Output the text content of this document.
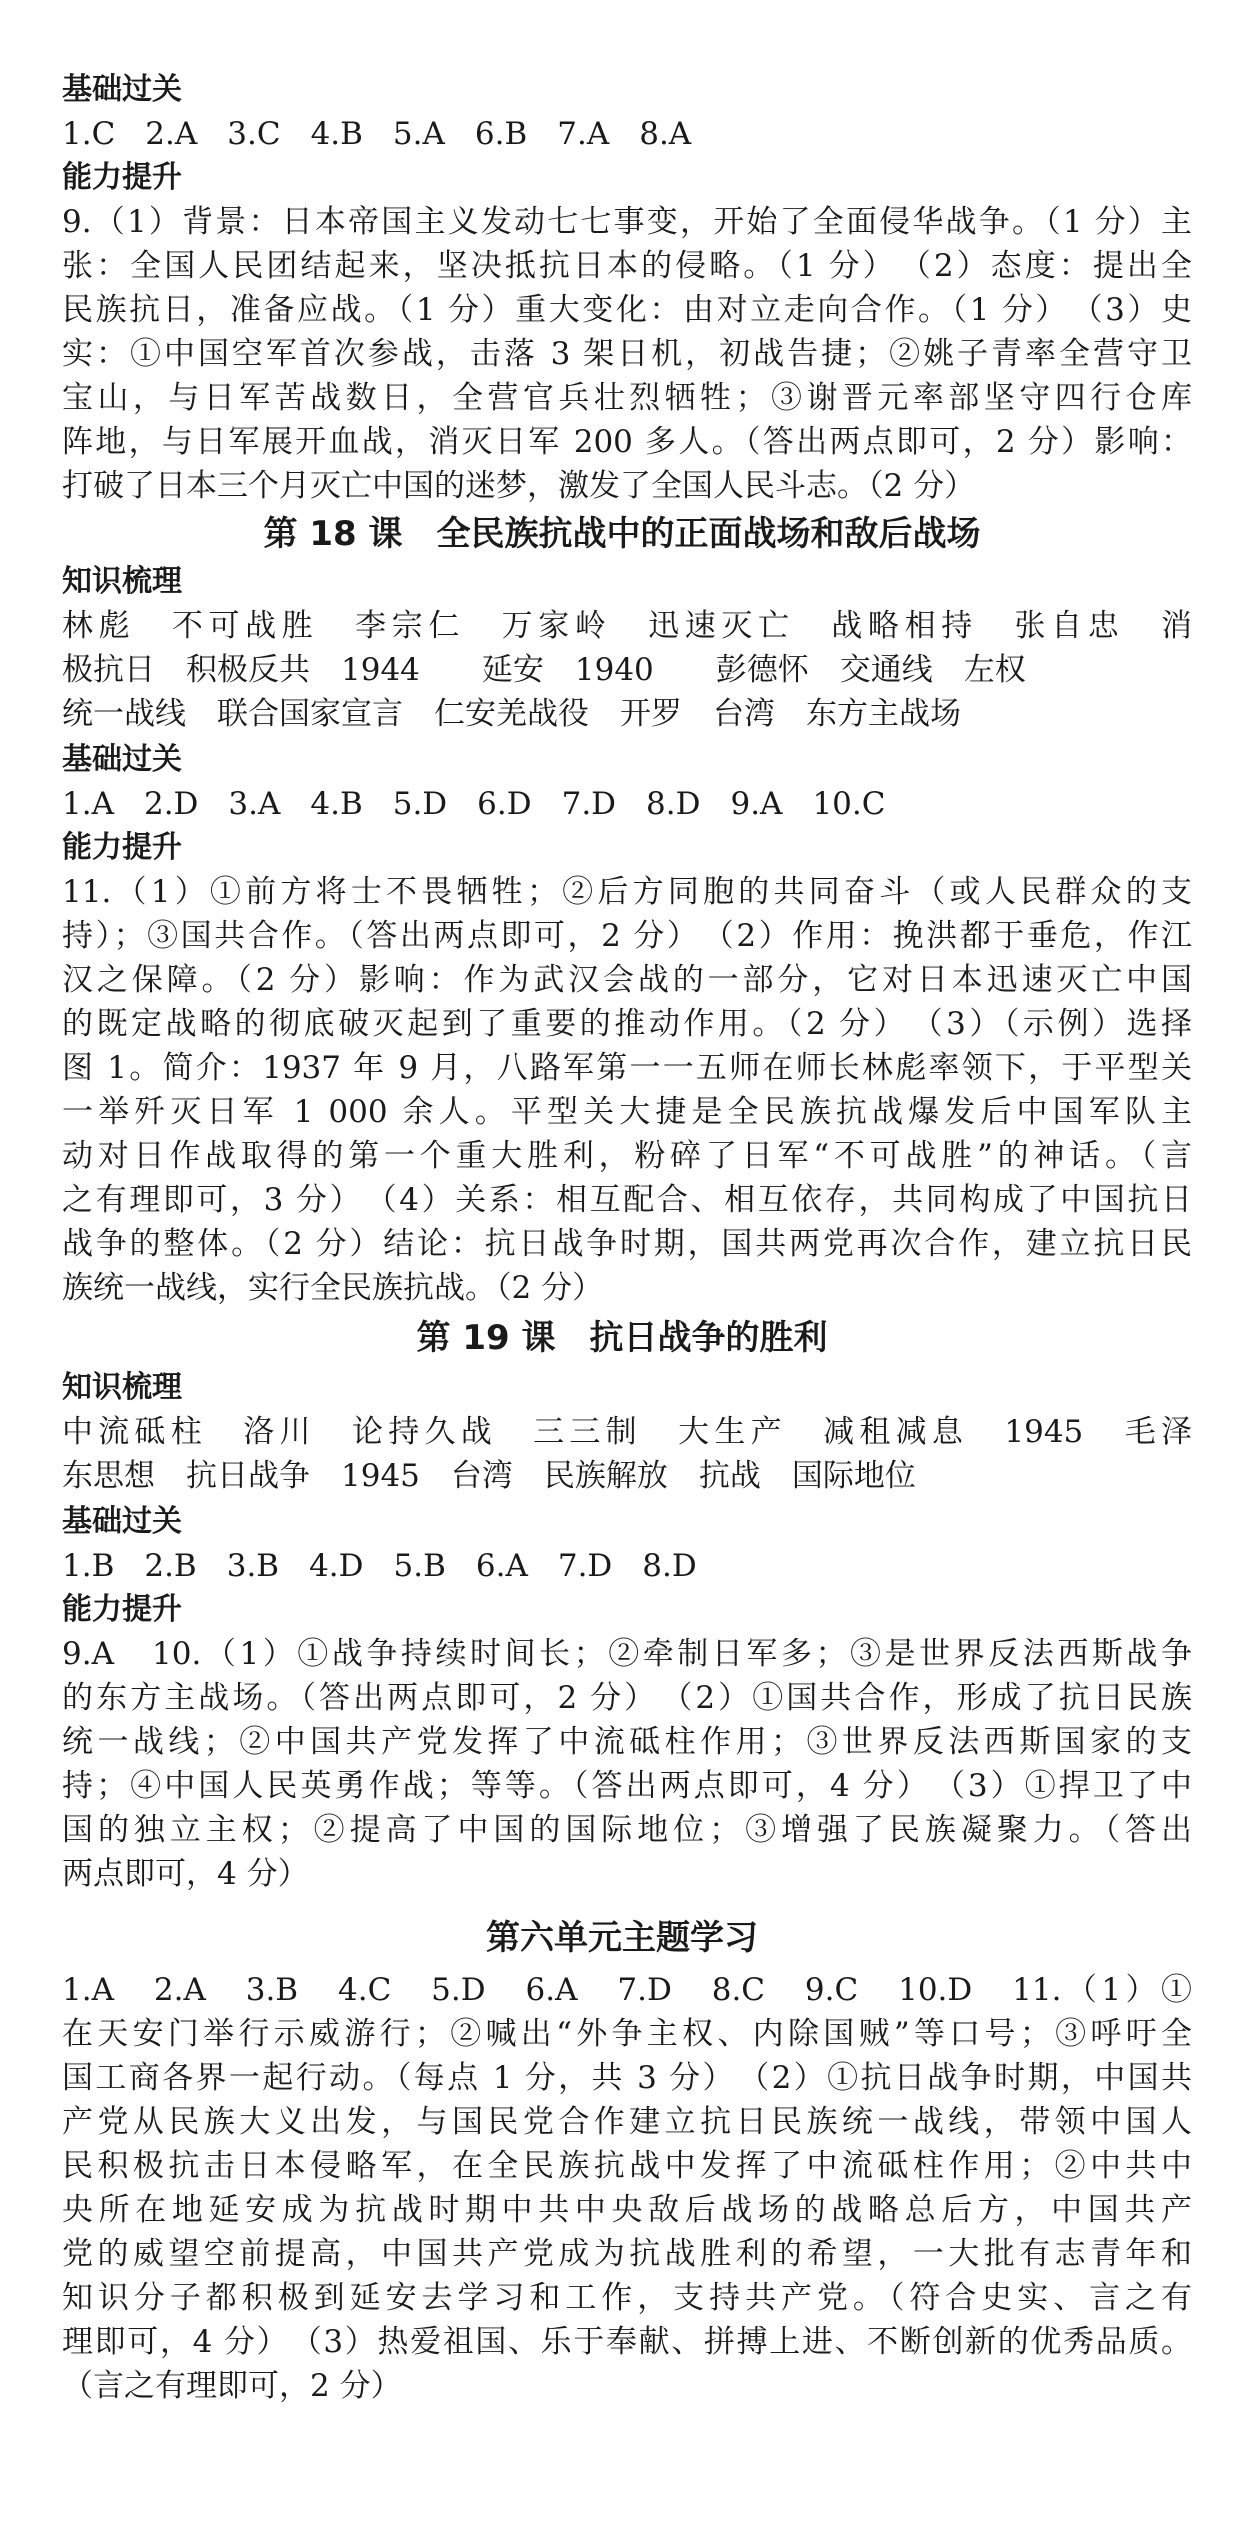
基础过关
1.C 2.A 3.C 4.B 5.A 6.B 7.A 8.A
能力提升
9.（1）背景：日本帝国主义发动七七事变，开始了全面侵华战争。（1 分）主
张：全国人民团结起来，坚决抵抗日本的侵略。（1 分）　（2）态度：提出全
民族抗日，准备应战。（1 分）重大变化：由对立走向合作。（1 分）　（3）史
实：①中国空军首次参战，击落 3 架日机，初战告捷；②姚子青率全营守卫
宝山，与日军苦战数日，全营官兵壮烈牺牲；③谢晋元率部坚守四行仓库
阵地，与日军展开血战，消灭日军 200 多人。（答出两点即可，2 分）影响：
打破了日本三个月灭亡中国的迷梦，激发了全国人民斗志。（2 分）
第 18 课　全民族抗战中的正面战场和敌后战场
知识梳理
林彪　不可战胜　李宗仁　万家岭　迅速灭亡　战略相持　张自忠　消
极抗日　积极反共　1944　　延安　1940　　彭德怀　交通线　左权
统一战线　联合国家宣言　仁安羌战役　开罗　台湾　东方主战场
基础过关
1.A 2.D 3.A 4.B 5.D 6.D 7.D 8.D 9.A 10.C
能力提升
11.（1）①前方将士不畏牺牲；②后方同胞的共同奋斗（或人民群众的支
持）；③国共合作。（答出两点即可，2 分）　（2）作用：挽洪都于垂危，作江
汉之保障。（2 分）影响：作为武汉会战的一部分，它对日本迅速灭亡中国
的既定战略的彻底破灭起到了重要的推动作用。（2 分）　（3）（示例）选择
图 1。简介：1937 年 9 月，八路军第一一五师在师长林彪率领下，于平型关
一举歼灭日军 1 000 余人。平型关大捷是全民族抗战爆发后中国军队主
动对日作战取得的第一个重大胜利，粉碎了日军“不可战胜”的神话。（言
之有理即可，3 分）　（4）关系：相互配合、相互依存，共同构成了中国抗日
战争的整体。（2 分）结论：抗日战争时期，国共两党再次合作，建立抗日民
族统一战线，实行全民族抗战。（2 分）
第 19 课　抗日战争的胜利
知识梳理
中流砥柱　洛川　论持久战　三三制　大生产　减租减息　1945　毛泽
东思想　抗日战争　1945　台湾　民族解放　抗战　国际地位
基础过关
1.B 2.B 3.B 4.D 5.B 6.A 7.D 8.D
能力提升
9.A　10.（1）①战争持续时间长；②牵制日军多；③是世界反法西斯战争
的东方主战场。（答出两点即可，2 分）　（2）①国共合作，形成了抗日民族
统一战线；②中国共产党发挥了中流砥柱作用；③世界反法西斯国家的支
持；④中国人民英勇作战；等等。（答出两点即可，4 分）　（3）①捍卫了中
国的独立主权；②提高了中国的国际地位；③增强了民族凝聚力。（答出
两点即可，4 分）
第六单元主题学习
1.A　2.A　3.B　4.C　5.D　6.A　7.D　8.C　9.C　10.D　11.（1）①
在天安门举行示威游行；②喊出“外争主权、内除国贼”等口号；③呼吁全
国工商各界一起行动。（每点 1 分，共 3 分）　（2）①抗日战争时期，中国共
产党从民族大义出发，与国民党合作建立抗日民族统一战线，带领中国人
民积极抗击日本侵略军，在全民族抗战中发挥了中流砥柱作用；②中共中
央所在地延安成为抗战时期中共中央敌后战场的战略总后方，中国共产
党的威望空前提高，中国共产党成为抗战胜利的希望，一大批有志青年和
知识分子都积极到延安去学习和工作，支持共产党。（符合史实、言之有
理即可，4 分）　（3）热爱祖国、乐于奉献、拼搏上进、不断创新的优秀品质。
（言之有理即可，2 分）
